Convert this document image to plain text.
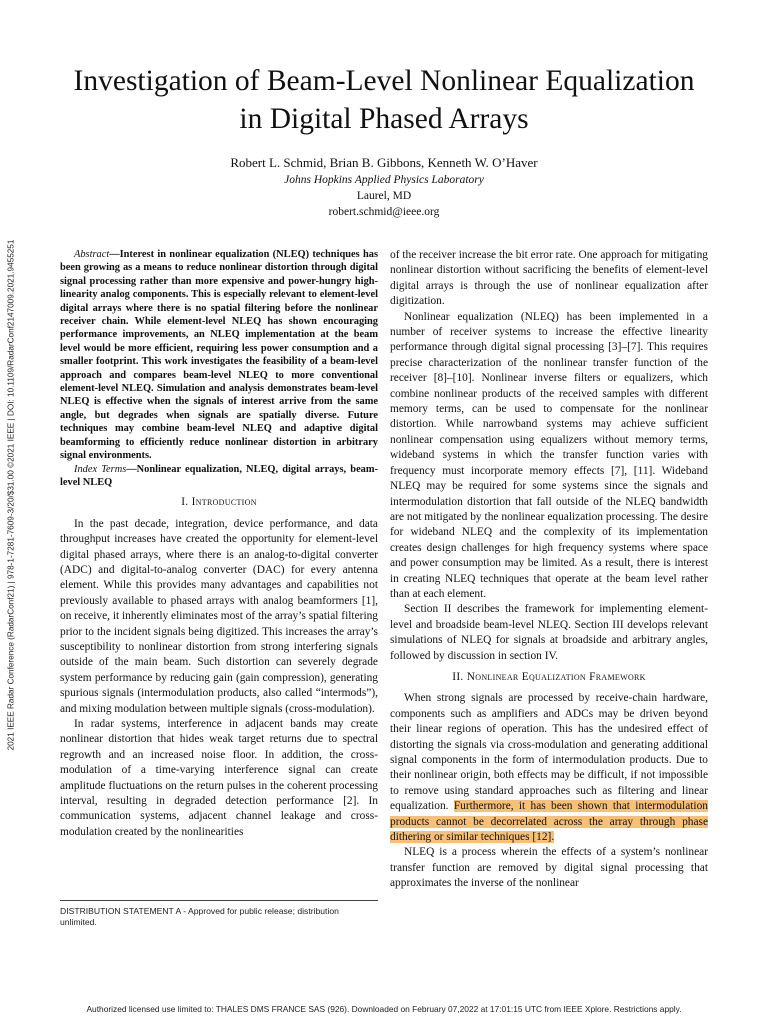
Investigation of Beam-Level Nonlinear Equalization
in Digital Phased Arrays
Robert L. Schmid, Brian B. Gibbons, Kenneth W. O’Haver
Johns Hopkins Applied Physics Laboratory
Laurel, MD
robert.schmid@ieee.org
2021 IEEE Radar Conference (RadarConf21) | 978-1-7281-7609-3/20/$31.00 ©2021 IEEE | DOI: 10.1109/RadarConf2147009.2021.9455251	Abstract—Interest in nonlinear equalization (NLEQ) techniques has been growing as a means to reduce nonlinear distortion through digital signal processing rather than more expensive and power-hungry high-linearity analog components. This is especially relevant to element-level digital arrays where there is no spatial filtering before the nonlinear receiver chain. While element-level NLEQ has shown encouraging performance improvements, an NLEQ implementation at the beam level would be more efficient, requiring less power consumption and a smaller footprint. This work investigates the feasibility of a beam-level approach and compares beam-level NLEQ to more conventional element-level NLEQ. Simulation and analysis demonstrates beam-level NLEQ is effective when the signals of interest arrive from the same angle, but degrades when signals are spatially diverse. Future techniques may combine beam-level NLEQ and adaptive digital beamforming to efficiently reduce nonlinear distortion in arbitrary signal environments.

Index Terms—Nonlinear equalization, NLEQ, digital arrays, beam-level NLEQ

I. Introduction

In the past decade, integration, device performance, and data throughput increases have created the opportunity for element-level digital phased arrays, where there is an analog-to-digital converter (ADC) and digital-to-analog converter (DAC) for every antenna element. While this provides many advantages and capabilities not previously available to phased arrays with analog beamformers [1], on receive, it inherently eliminates most of the array’s spatial filtering prior to the incident signals being digitized. This increases the array’s susceptibility to nonlinear distortion from strong interfering signals outside of the main beam. Such distortion can severely degrade system performance by reducing gain (gain compression), generating spurious signals (intermodulation products, also called “intermods”), and mixing modulation between multiple signals (cross-modulation).

In radar systems, interference in adjacent bands may create nonlinear distortion that hides weak target returns due to spectral regrowth and an increased noise floor. In addition, the cross-modulation of a time-varying interference signal can create amplitude fluctuations on the return pulses in the coherent processing interval, resulting in degraded detection performance [2]. In communication systems, adjacent channel leakage and cross-modulation created by the nonlinearities

of the receiver increase the bit error rate. One approach for mitigating nonlinear distortion without sacrificing the benefits of element-level digital arrays is through the use of nonlinear equalization after digitization.

Nonlinear equalization (NLEQ) has been implemented in a number of receiver systems to increase the effective linearity performance through digital signal processing [3]–[7]. This requires precise characterization of the nonlinear transfer function of the receiver [8]–[10]. Nonlinear inverse filters or equalizers, which combine nonlinear products of the received samples with different memory terms, can be used to compensate for the nonlinear distortion. While narrowband systems may achieve sufficient nonlinear compensation using equalizers without memory terms, wideband systems in which the transfer function varies with frequency must incorporate memory effects [7], [11]. Wideband NLEQ may be required for some systems since the signals and intermodulation distortion that fall outside of the NLEQ bandwidth are not mitigated by the nonlinear equalization processing. The desire for wideband NLEQ and the complexity of its implementation creates design challenges for high frequency systems where space and power consumption may be limited. As a result, there is interest in creating NLEQ techniques that operate at the beam level rather than at each element.

Section II describes the framework for implementing element-level and broadside beam-level NLEQ. Section III develops relevant simulations of NLEQ for signals at broadside and arbitrary angles, followed by discussion in section IV.

II. Nonlinear Equalization Framework

When strong signals are processed by receive-chain hardware, components such as amplifiers and ADCs may be driven beyond their linear regions of operation. This has the undesired effect of distorting the signals via cross-modulation and generating additional signal components in the form of intermodulation products. Due to their nonlinear origin, both effects may be difficult, if not impossible to remove using standard approaches such as filtering and linear equalization. Furthermore, it has been shown that intermodulation products cannot be decorrelated across the array through phase dithering or similar techniques [12].

NLEQ is a process wherein the effects of a system’s nonlinear transfer function are removed by digital signal processing that approximates the inverse of the nonlinear

DISTRIBUTION STATEMENT A - Approved for public release; distribution unlimited.
Authorized licensed use limited to: THALES DMS FRANCE SAS (926). Downloaded on February 07,2022 at 17:01:15 UTC from IEEE Xplore. Restrictions apply.
